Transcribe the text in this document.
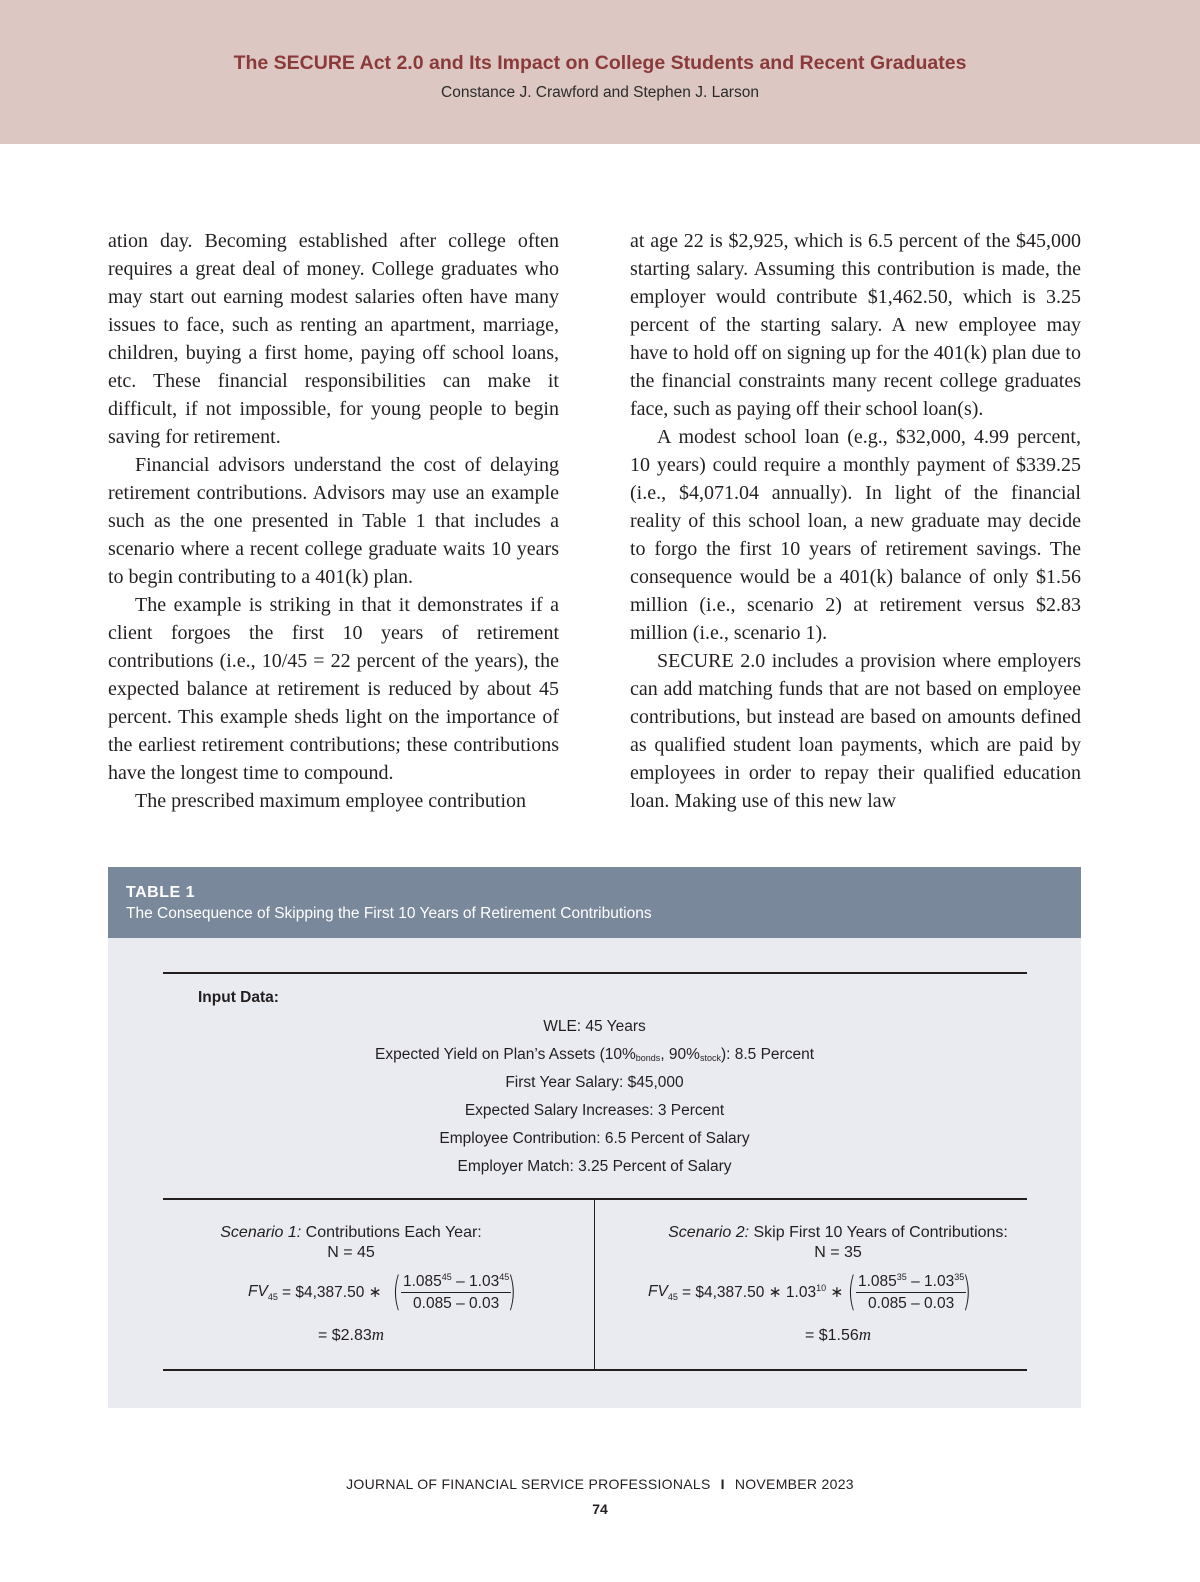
The SECURE Act 2.0 and Its Impact on College Students and Recent Graduates
Constance J. Crawford and Stephen J. Larson

ation day. Becoming established after college often requires a great deal of money. College graduates who may start out earning modest salaries often have many issues to face, such as renting an apartment, marriage, children, buying a first home, paying off school loans, etc. These financial responsibilities can make it difficult, if not impossible, for young people to begin saving for retirement.

Financial advisors understand the cost of delaying retirement contributions. Advisors may use an example such as the one presented in Table 1 that includes a scenario where a recent college graduate waits 10 years to begin contributing to a 401(k) plan.

The example is striking in that it demonstrates if a client forgoes the first 10 years of retirement contributions (i.e., 10/45 = 22 percent of the years), the expected balance at retirement is reduced by about 45 percent. This example sheds light on the importance of the earliest retirement contributions; these contributions have the longest time to compound.

The prescribed maximum employee contribution

at age 22 is $2,925, which is 6.5 percent of the $45,000 starting salary. Assuming this contribution is made, the employer would contribute $1,462.50, which is 3.25 percent of the starting salary. A new employee may have to hold off on signing up for the 401(k) plan due to the financial constraints many recent college graduates face, such as paying off their school loan(s).

A modest school loan (e.g., $32,000, 4.99 percent, 10 years) could require a monthly payment of $339.25 (i.e., $4,071.04 annually). In light of the financial reality of this school loan, a new graduate may decide to forgo the first 10 years of retirement savings. The consequence would be a 401(k) balance of only $1.56 million (i.e., scenario 2) at retirement versus $2.83 million (i.e., scenario 1).

SECURE 2.0 includes a provision where employers can add matching funds that are not based on employee contributions, but instead are based on amounts defined as qualified student loan payments, which are paid by employees in order to repay their qualified education loan. Making use of this new law

TABLE 1
The Consequence of Skipping the First 10 Years of Retirement Contributions
Input Data:
WLE: 45 Years
Expected Yield on Plan’s Assets ($10\%_{bonds}$, $90\%_{stock}$): 8.5 Percent
First Year Salary: $45,000
Expected Salary Increases: 3 Percent
Employee Contribution: 6.5 Percent of Salary
Employer Match: 3.25 Percent of Salary
Scenario 1: Contributions Each Year:
N = 45
$FV_{45}$ = $4,387.50 ∗ ( $\frac{1.085^{45} - 1.03^{45}}{0.085 - 0.03}$
)
= $2.83m
Scenario 2: Skip First 10 Years of Contributions:
N = 35
$FV_{45}$ = $4,387.50 ∗ 1.03$^{10}$ ∗ ( $\frac{1.085^{35} - 1.03^{35}}{0.085 - 0.03}$
)
= $1.56m
JOURNAL OF FINANCIAL SERVICE PROFESSIONALS I NOVEMBER 2023
74
